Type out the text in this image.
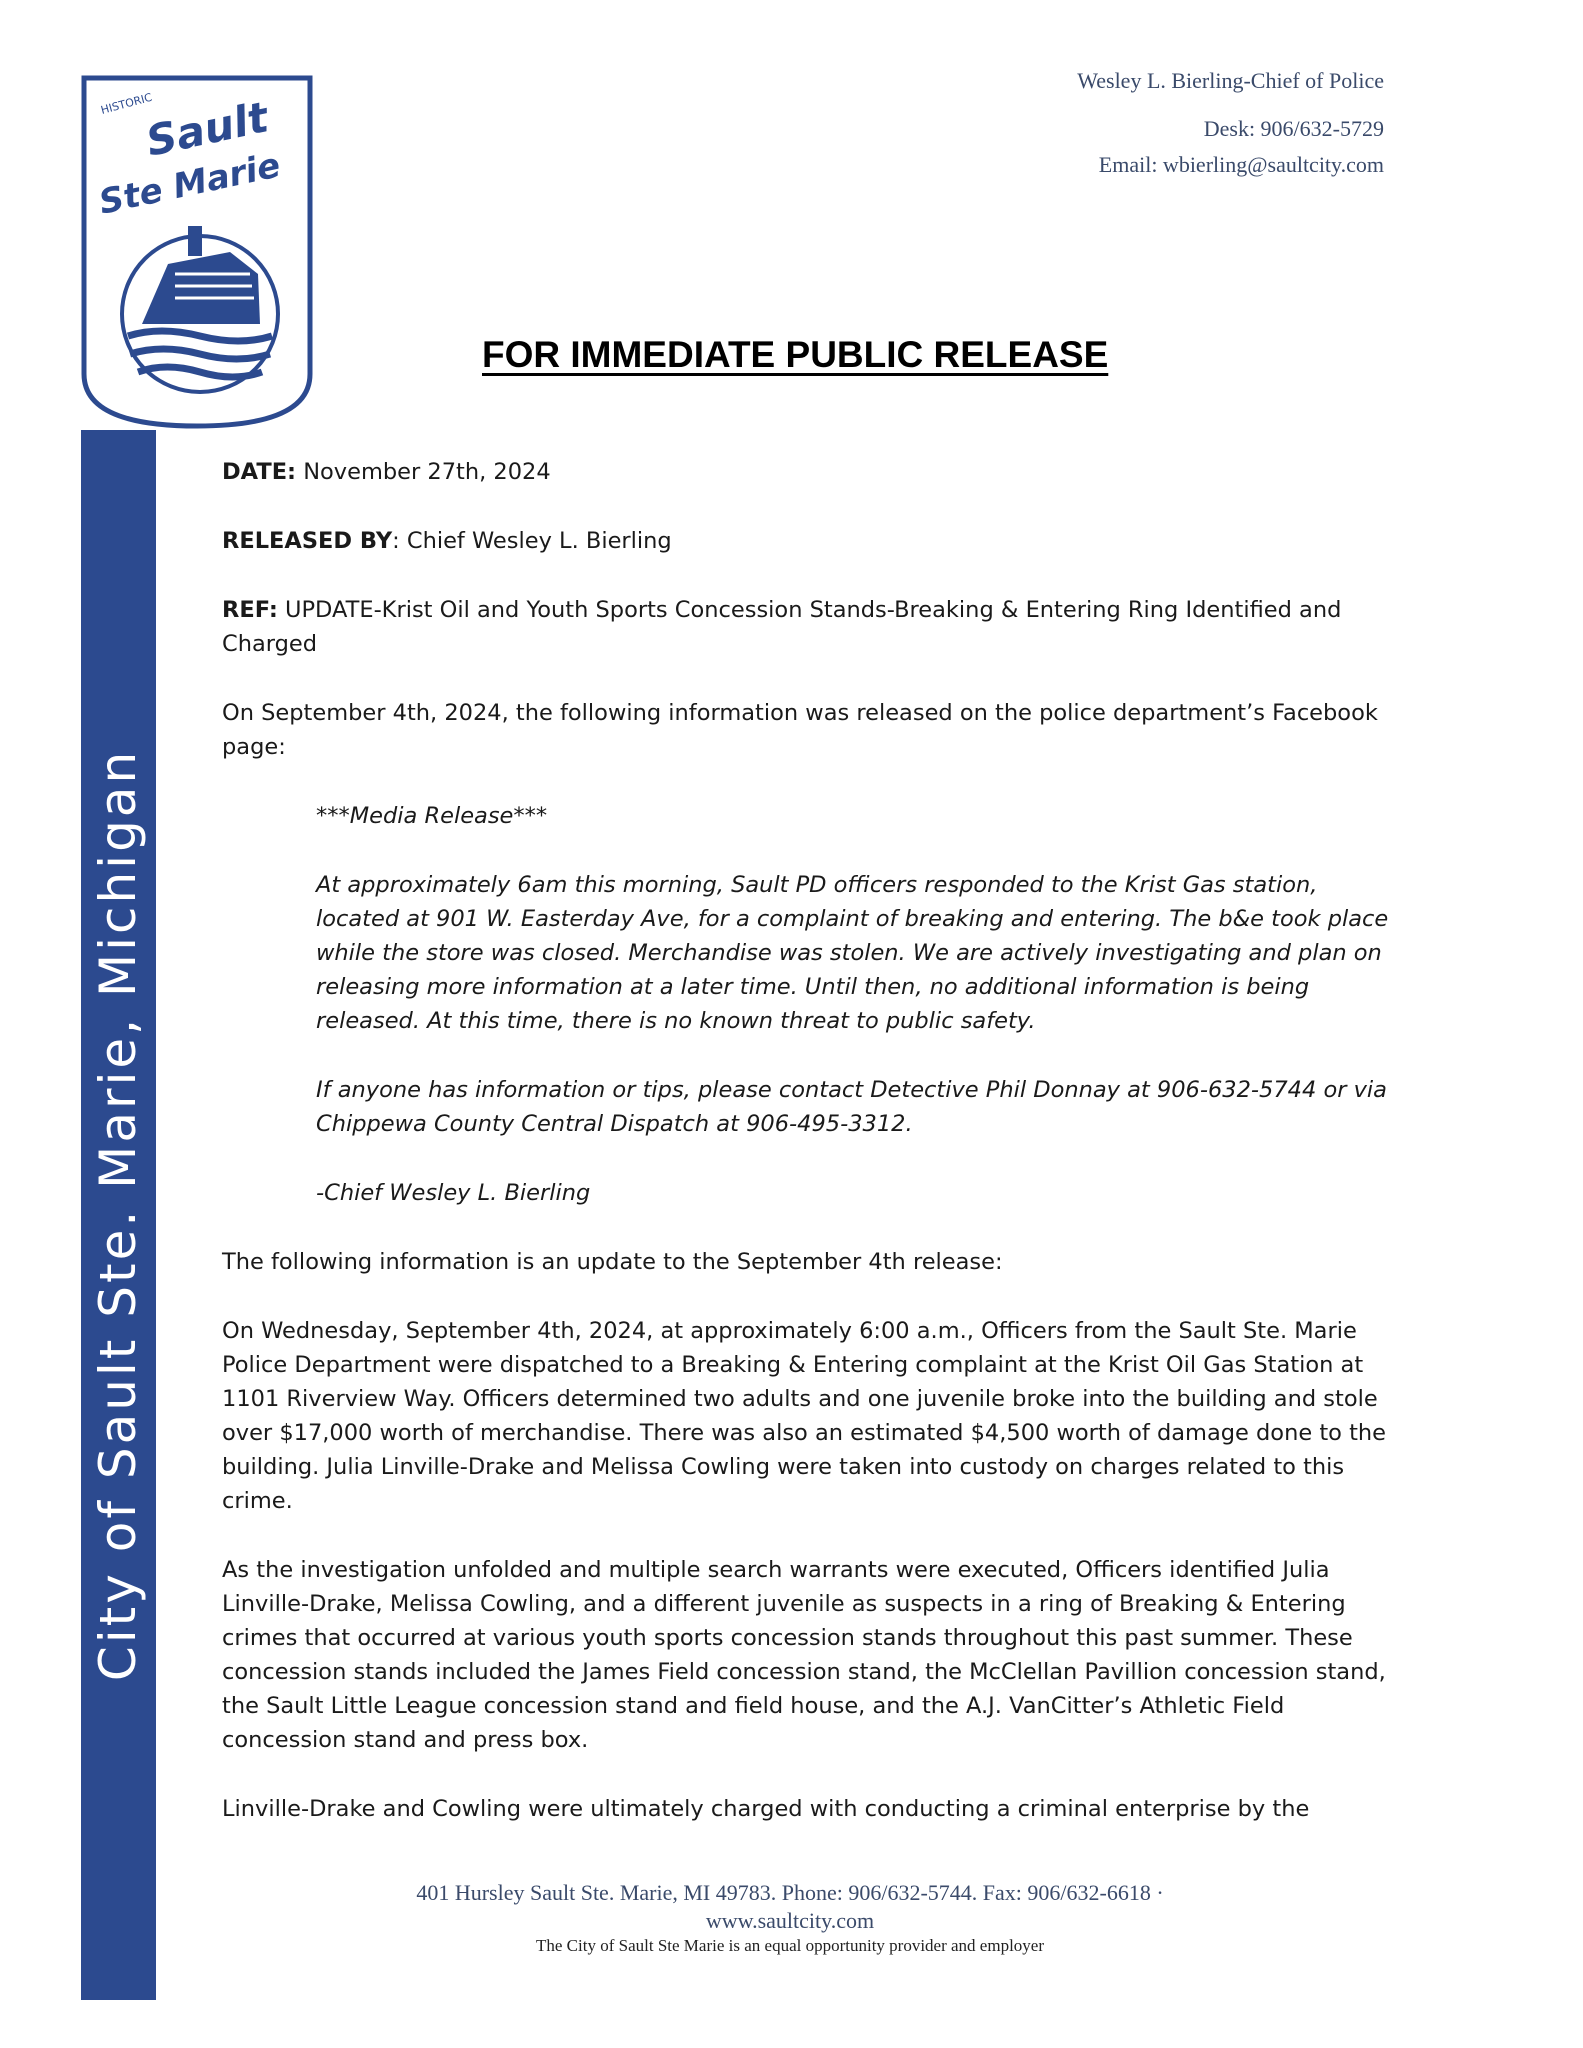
HISTORIC
Sault
Ste Marie
City of Sault Ste. Marie, Michigan
Wesley L. Bierling-Chief of Police
Desk: 906/632-5729
Email: wbierling@saultcity.com
FOR IMMEDIATE PUBLIC RELEASE

DATE: November 27th, 2024

RELEASED BY: Chief Wesley L. Bierling

REF: UPDATE-Krist Oil and Youth Sports Concession Stands-Breaking & Entering Ring Identified and Charged

On September 4th, 2024, the following information was released on the police department’s Facebook page:

***Media Release***

At approximately 6am this morning, Sault PD officers responded to the Krist Gas station, located at 901 W. Easterday Ave, for a complaint of breaking and entering. The b&e took place while the store was closed. Merchandise was stolen. We are actively investigating and plan on releasing more information at a later time. Until then, no additional information is being released. At this time, there is no known threat to public safety.

If anyone has information or tips, please contact Detective Phil Donnay at 906-632-5744 or via Chippewa County Central Dispatch at 906-495-3312.

-Chief Wesley L. Bierling

The following information is an update to the September 4th release:

On Wednesday, September 4th, 2024, at approximately 6:00 a.m., Officers from the Sault Ste. Marie Police Department were dispatched to a Breaking & Entering complaint at the Krist Oil Gas Station at 1101 Riverview Way. Officers determined two adults and one juvenile broke into the building and stole over $17,000 worth of merchandise. There was also an estimated $4,500 worth of damage done to the building. Julia Linville-Drake and Melissa Cowling were taken into custody on charges related to this crime.

As the investigation unfolded and multiple search warrants were executed, Officers identified Julia Linville-Drake, Melissa Cowling, and a different juvenile as suspects in a ring of Breaking & Entering crimes that occurred at various youth sports concession stands throughout this past summer. These concession stands included the James Field concession stand, the McClellan Pavillion concession stand, the Sault Little League concession stand and field house, and the A.J. VanCitter’s Athletic Field concession stand and press box.

Linville-Drake and Cowling were ultimately charged with conducting a criminal enterprise by the

401 Hursley Sault Ste. Marie, MI 49783. Phone: 906/632-5744. Fax: 906/632-6618 ·
www.saultcity.com
The City of Sault Ste Marie is an equal opportunity provider and employer
